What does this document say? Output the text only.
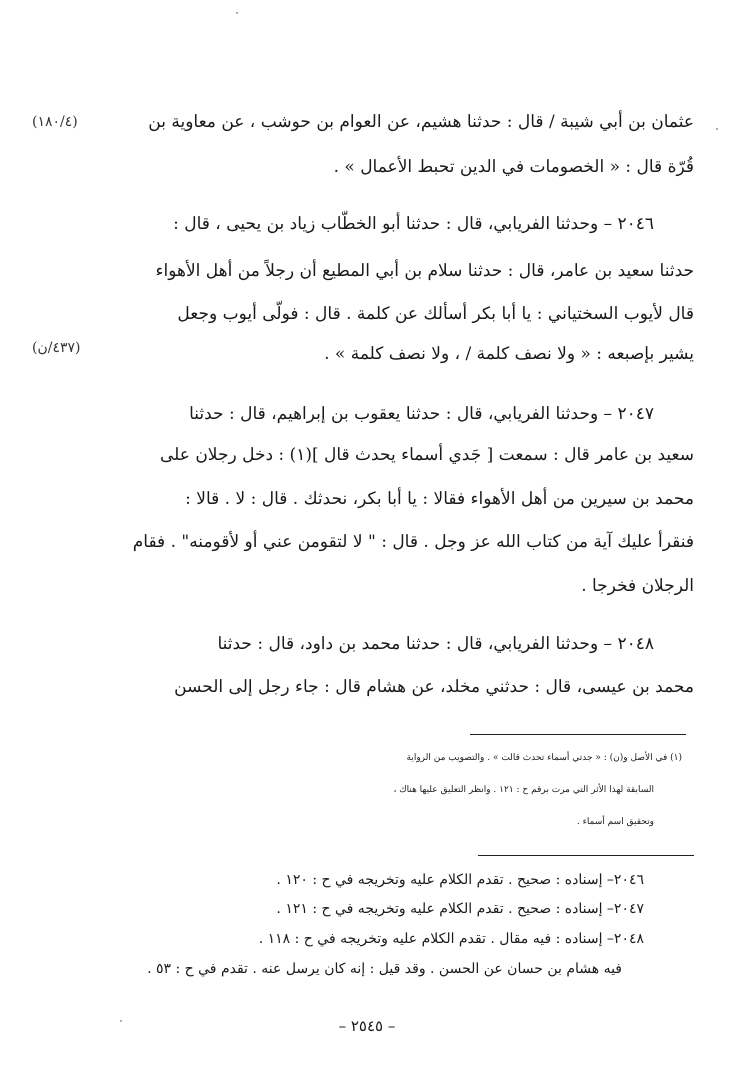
(١٨٠/٤)
(٤٣٧/ن)
عثمان بن أبي شيبة / قال : حدثنا هشيم، عن العوام بن حوشب ، عن معاوية بن
قُرّة قال : « الخصومات في الدين تحبط الأعمال » .
٢٠٤٦ – وحدثنا الفريابي، قال : حدثنا أبو الخطّاب زياد بن يحيى ، قال :
حدثنا سعيد بن عامر، قال : حدثنا سلام بن أبي المطيع أن رجلاً من أهل الأهواء
قال لأيوب السختياني : يا أبا بكر أسألك عن كلمة . قال : فولّى أيوب وجعل
يشير بإصبعه : « ولا نصف كلمة / ، ولا نصف كلمة » .
٢٠٤٧ – وحدثنا الفريابي، قال : حدثنا يعقوب بن إبراهيم، قال : حدثنا
سعيد بن عامر قال : سمعت [ جَدي أسماء يحدث قال ](١) : دخل رجلان على
محمد بن سيرين من أهل الأهواء فقالا : يا أبا بكر، نحدثك . قال : لا . قالا :
فنقرأ عليك آية من كتاب الله عز وجل . قال : " لا لتقومن عني أو لأقومنه" . فقام
الرجلان فخرجا .
٢٠٤٨ – وحدثنا الفريابي، قال : حدثنا محمد بن داود، قال : حدثنا
محمد بن عيسى، قال : حدثني مخلد، عن هشام قال : جاء رجل إلى الحسن
(١) في الأصل و(ن) : « جدتي أسماء تحدث قالت » . والتصويب من الرواية
السابقة لهذا الأثر التي مرت برقم ح : ١٢١ . وانظر التعليق عليها هناك ،
وتحقيق اسم أسماء .
٢٠٤٦– إسناده : صحيح . تقدم الكلام عليه وتخريجه في ح : ١٢٠ .
٢٠٤٧– إسناده : صحيح . تقدم الكلام عليه وتخريجه في ح : ١٢١ .
٢٠٤٨– إسناده : فيه مقال . تقدم الكلام عليه وتخريجه في ح : ١١٨ .
فيه هشام بن حسان عن الحسن . وقد قيل : إنه كان يرسل عنه . تقدم في ح : ٥٣ .
– ٢٥٤٥ –
